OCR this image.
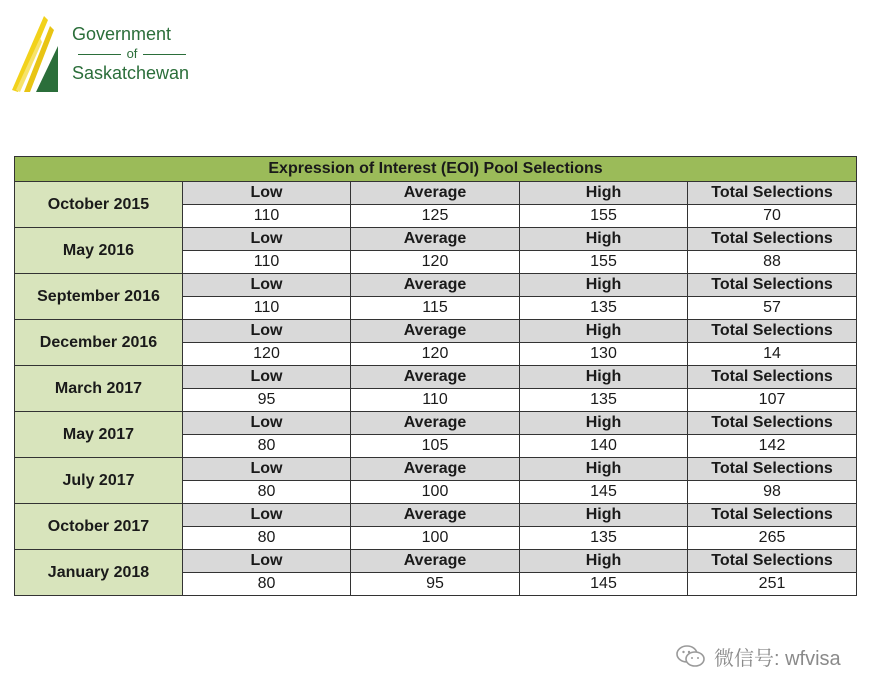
Government
of
Saskatchewan
Expression of Interest (EOI) Pool Selections				
October 2015	Low	Average	High	Total Selections
	110	125	155	70
May 2016	Low	Average	High	Total Selections
	110	120	155	88
September 2016	Low	Average	High	Total Selections
	110	115	135	57
December 2016	Low	Average	High	Total Selections
	120	120	130	14
March 2017	Low	Average	High	Total Selections
	95	110	135	107
May 2017	Low	Average	High	Total Selections
	80	105	140	142
July 2017	Low	Average	High	Total Selections
	80	100	145	98
October 2017	Low	Average	High	Total Selections
	80	100	135	265
January 2018	Low	Average	High	Total Selections
	80	95	145	251
微信号: wfvisa
